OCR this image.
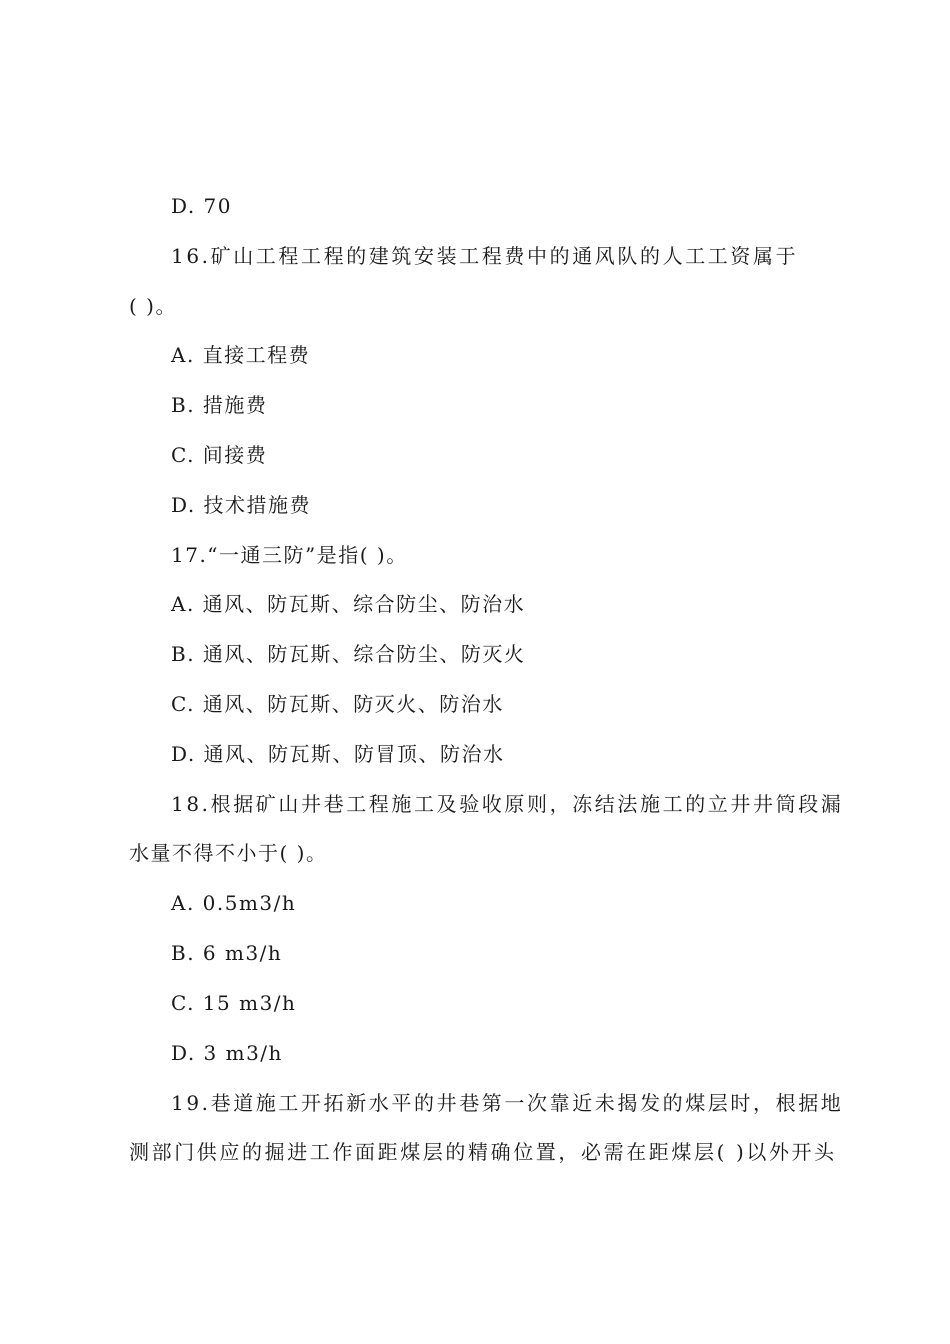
D. 70
16.矿山工程工程的建筑安装工程费中的通风队的人工工资属于
( )。
A. 直接工程费
B. 措施费
C. 间接费
D. 技术措施费
17.“一通三防”是指( )。
A. 通风、防瓦斯、综合防尘、防治水
B. 通风、防瓦斯、综合防尘、防灭火
C. 通风、防瓦斯、防灭火、防治水
D. 通风、防瓦斯、防冒顶、防治水
18.根据矿山井巷工程施工及验收原则，冻结法施工的立井井筒段漏
水量不得不小于( )。
A. 0.5m3/h
B. 6 m3/h
C. 15 m3/h
D. 3 m3/h
19.巷道施工开拓新水平的井巷第一次靠近未揭发的煤层时，根据地
测部门供应的掘进工作面距煤层的精确位置，必需在距煤层( )以外开头
